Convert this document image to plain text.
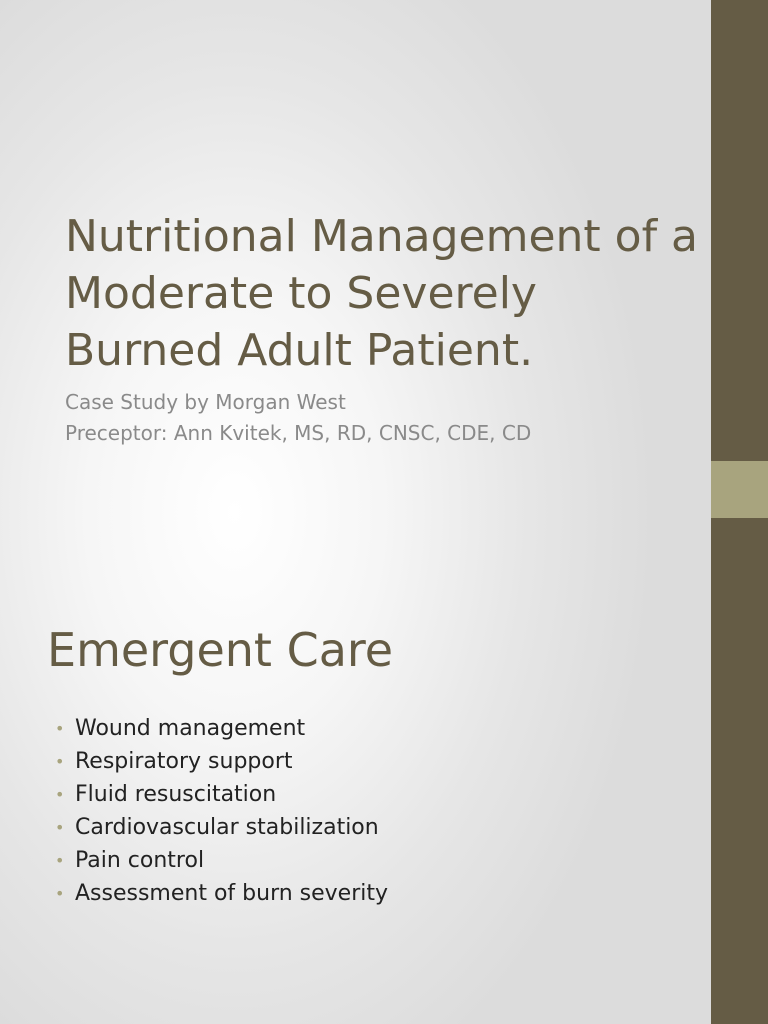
Nutritional Management of a Moderate to Severely Burned Adult Patient.
Case Study by Morgan West
Preceptor: Ann Kvitek, MS, RD, CNSC, CDE, CD
Emergent Care
• Wound management
• Respiratory support
• Fluid resuscitation
• Cardiovascular stabilization
• Pain control
• Assessment of burn severity
